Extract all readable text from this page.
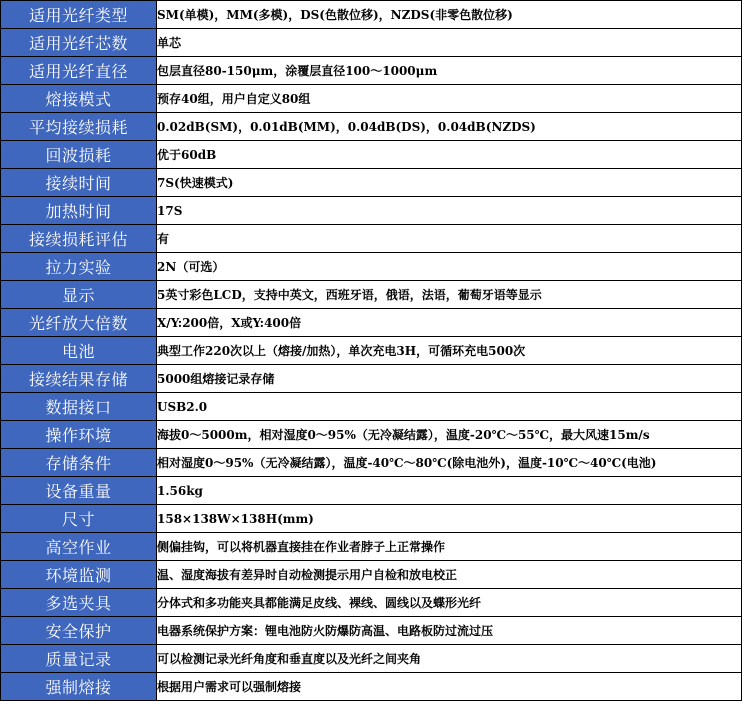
适用光纤类型	SM(单模)，MM(多模)，DS(色散位移)，NZDS(非零色散位移)
适用光纤芯数	单芯
适用光纤直径	包层直径80-150μm，涂覆层直径100～1000μm
熔接模式	预存40组，用户自定义80组
平均接续损耗	0.02dB(SM)，0.01dB(MM)，0.04dB(DS)，0.04dB(NZDS)
回波损耗	优于60dB
接续时间	7S(快速模式)
加热时间	17S
接续损耗评估	有
拉力实验	2N（可选）
显示	5英寸彩色LCD，支持中英文，西班牙语，俄语，法语，葡萄牙语等显示
光纤放大倍数	X/Y:200倍，X或Y:400倍
电池	典型工作220次以上（熔接/加热），单次充电3H，可循环充电500次
接续结果存储	5000组熔接记录存储
数据接口	USB2.0
操作环境	海拔0～5000m，相对湿度0～95%（无冷凝结露），温度-20℃～55℃，最大风速15m/s
存储条件	相对湿度0～95%（无冷凝结露），温度-40℃～80℃(除电池外)，温度-10℃～40℃(电池)
设备重量	1.56kg
尺寸	158×138W×138H(mm)
高空作业	侧偏挂钩，可以将机器直接挂在作业者脖子上正常操作
环境监测	温、湿度海拔有差异时自动检测提示用户自检和放电校正
多选夹具	分体式和多功能夹具都能满足皮线、裸线、圆线以及蝶形光纤
安全保护	电器系统保护方案：锂电池防火防爆防高温、电路板防过流过压
质量记录	可以检测记录光纤角度和垂直度以及光纤之间夹角
强制熔接	根据用户需求可以强制熔接
